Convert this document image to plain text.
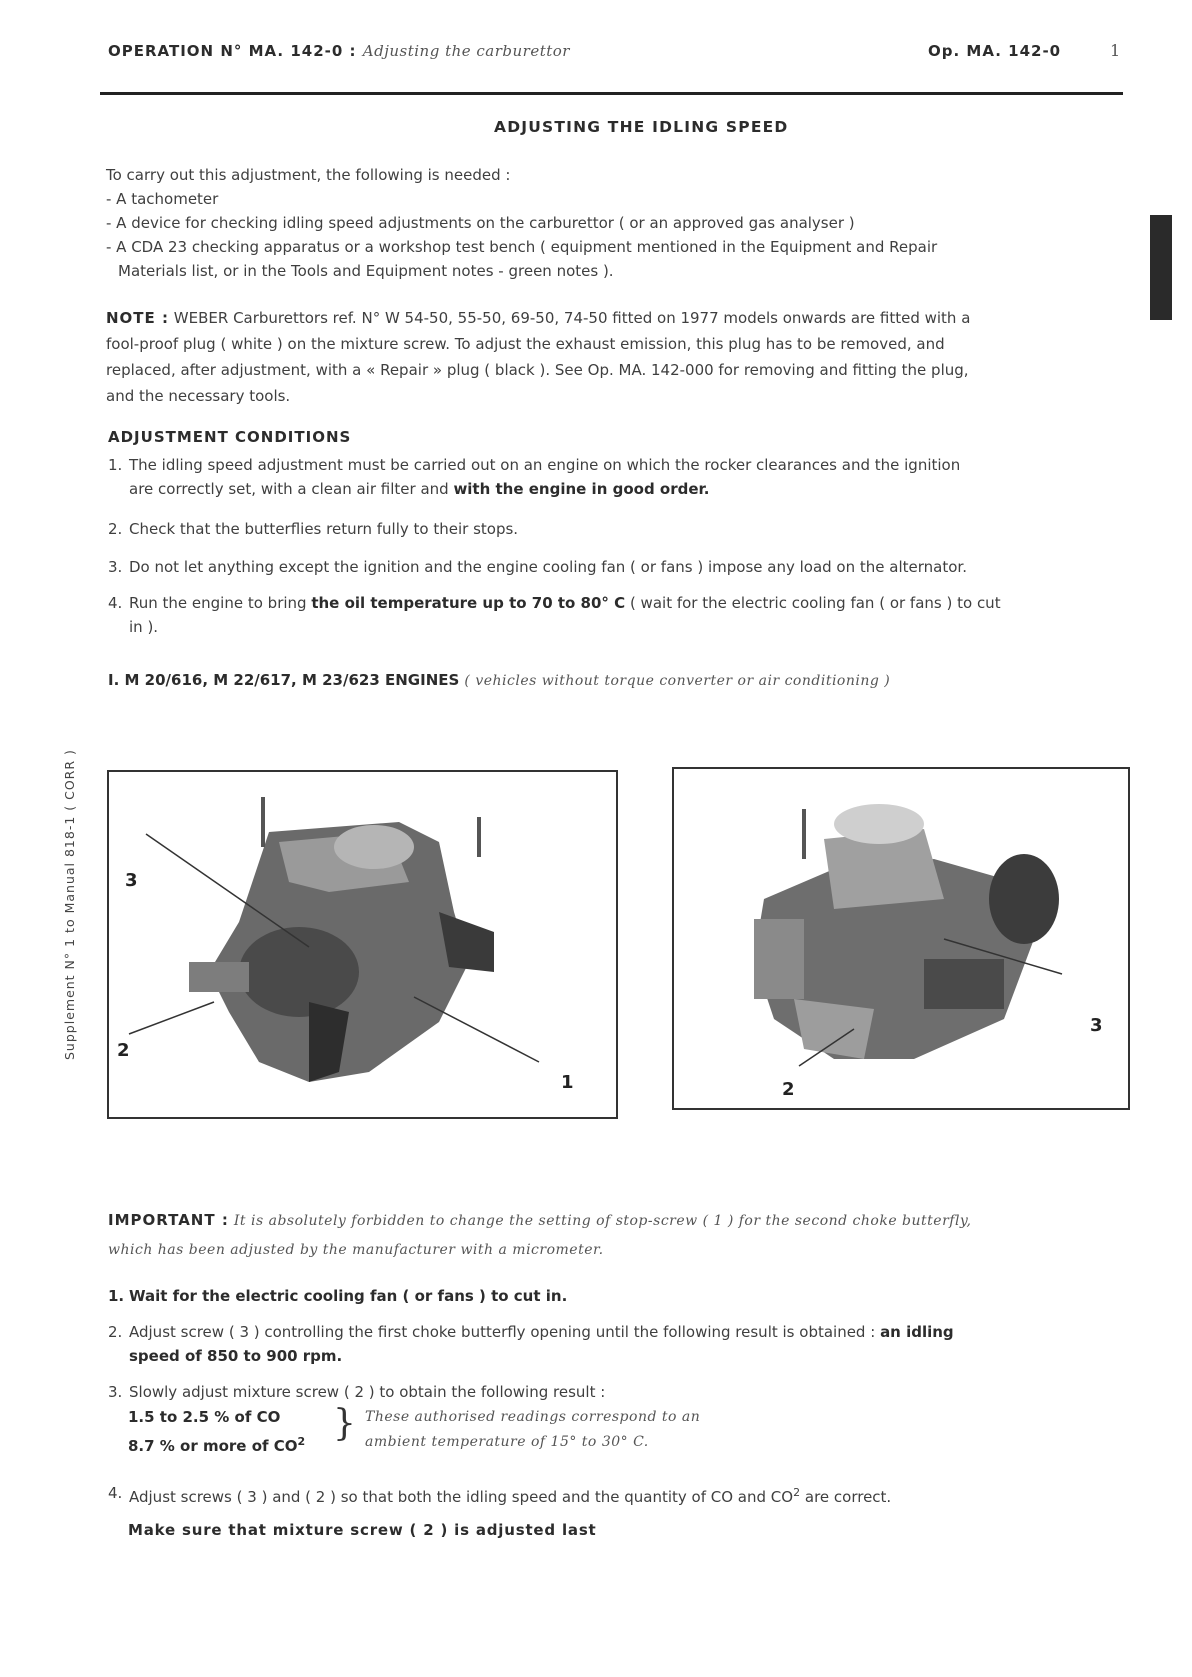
OPERATION N° MA. 142-0 : Adjusting the carburettor	Op. MA. 142-0	1
Supplement N° 1 to Manual 818-1 ( CORR )
ADJUSTING THE IDLING SPEED
To carry out this adjustment, the following is needed :
- A tachometer
- A device for checking idling speed adjustments on the carburettor ( or an approved gas analyser )
- A CDA 23 checking apparatus or a workshop test bench ( equipment mentioned in the Equipment and Repair
Materials list, or in the Tools and Equipment notes - green notes ).
NOTE : WEBER Carburettors ref. N° W 54-50, 55-50, 69-50, 74-50 fitted on 1977 models onwards are fitted with a
fool-proof plug ( white ) on the mixture screw. To adjust the exhaust emission, this plug has to be removed, and
replaced, after adjustment, with a « Repair » plug ( black ). See Op. MA. 142-000 for removing and fitting the plug,
and the necessary tools.
ADJUSTMENT CONDITIONS
1. The idling speed adjustment must be carried out on an engine on which the rocker clearances and the ignition
are correctly set, with a clean air filter and with the engine in good order.
2. Check that the butterflies return fully to their stops.
3. Do not let anything except the ignition and the engine cooling fan ( or fans ) impose any load on the alternator.
4. Run the engine to bring the oil temperature up to 70 to 80° C ( wait for the electric cooling fan ( or fans ) to cut
in ).
I. M 20/616, M 22/617, M 23/623 ENGINES ( vehicles without torque converter or air conditioning )
3
2
1
3
2
IMPORTANT : It is absolutely forbidden to change the setting of stop-screw ( 1 ) for the second choke butterfly,
which has been adjusted by the manufacturer with a micrometer.
1. Wait for the electric cooling fan ( or fans ) to cut in.
2. Adjust screw ( 3 ) controlling the first choke butterfly opening until the following result is obtained : an idling
speed of 850 to 900 rpm.
3. Slowly adjust mixture screw ( 2 ) to obtain the following result :
1.5 to 2.5 % of CO
8.7 % or more of $CO^2$ } These authorised readings correspond to an
ambient temperature of 15° to 30° C.
4. Adjust screws ( 3 ) and ( 2 ) so that both the idling speed and the quantity of CO and $CO^2$ are correct.
Make sure that mixture screw ( 2 ) is adjusted last
